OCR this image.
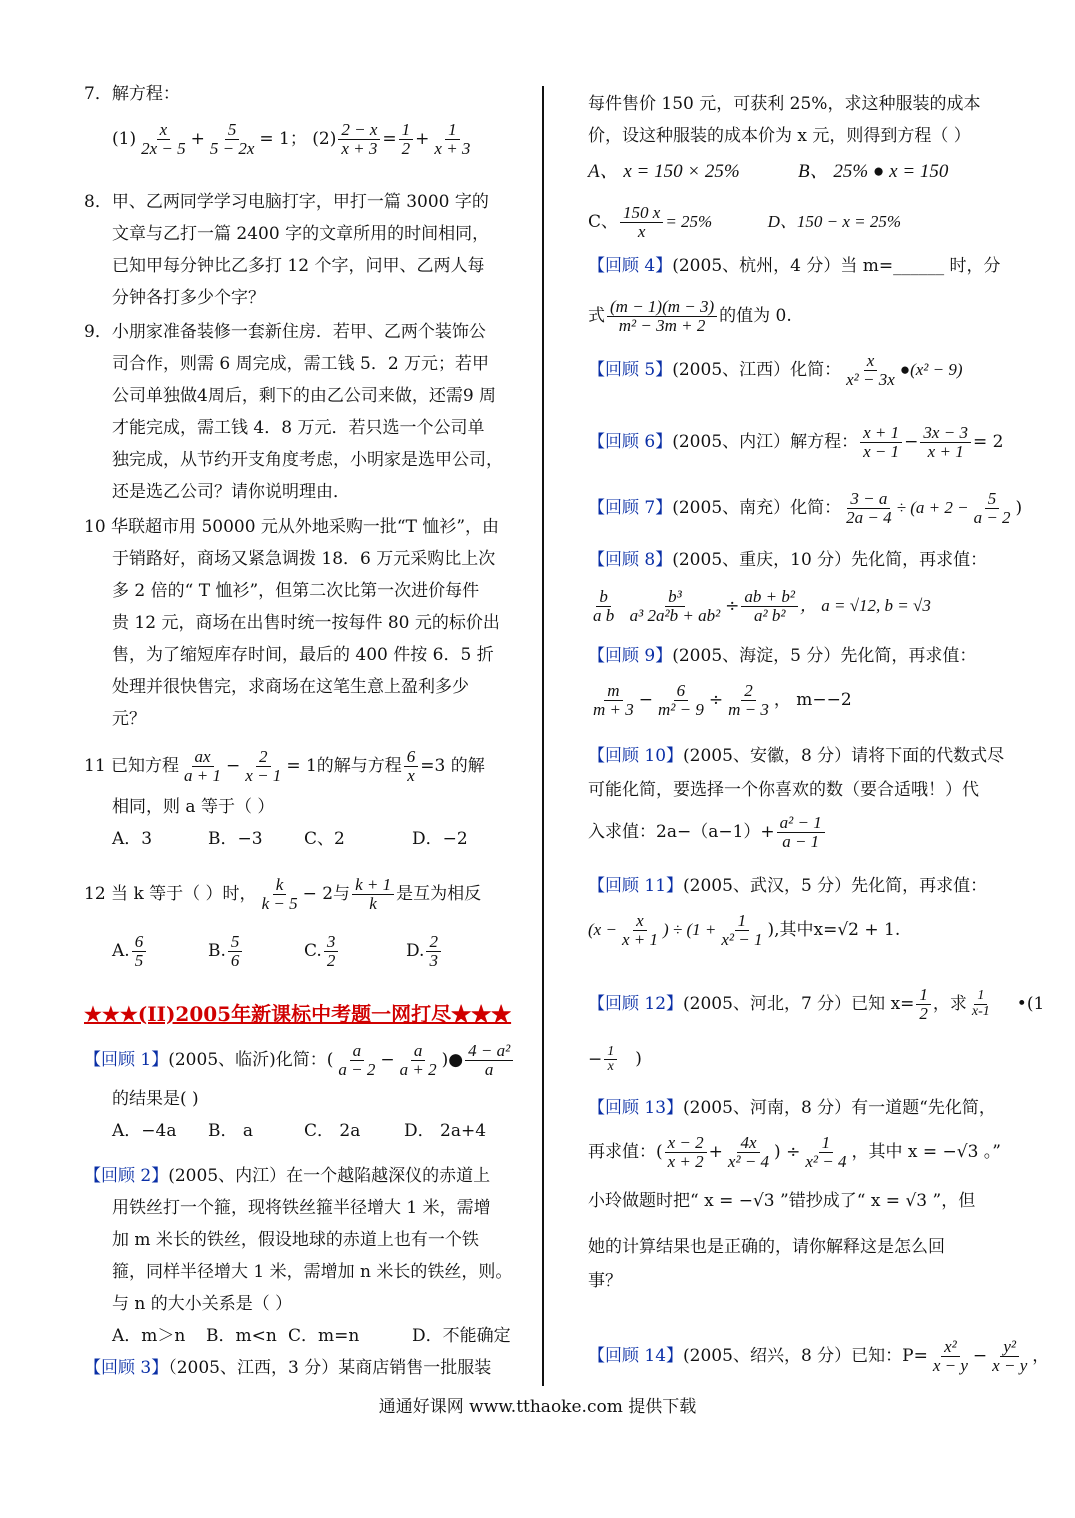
7．解方程：
$(1) \frac{x}{2x - 5} + \frac{5}{5 - 2x} = 1$； $(2) \frac{2 - x}{x + 3} = \frac{1}{2} + \frac{1}{x + 3}$
8．甲、乙两同学学习电脑打字，甲打一篇 3000 字的
文章与乙打一篇 2400 字的文章所用的时间相同，
已知甲每分钟比乙多打 12 个字，问甲、乙两人每
分钟各打多少个字？
9．小朋家准备装修一套新住房．若甲、乙两个装饰公
司合作，则需 6 周完成，需工钱 5．2 万元；若甲
公司单独做4周后，剩下的由乙公司来做，还需9 周
才能完成，需工钱 4．8 万元．若只选一个公司单
独完成，从节约开支角度考虑，小明家是选甲公司，
还是选乙公司？请你说明理由．
10 华联超市用 50000 元从外地采购一批“T 恤衫”，由
于销路好，商场又紧急调拨 18．6 万元采购比上次
多 2 倍的“ T 恤衫”，但第二次比第一次进价每件
贵 12 元，商场在出售时统一按每件 80 元的标价出
售，为了缩短库存时间，最后的 400 件按 6．5 折
处理并很快售完，求商场在这笔生意上盈利多少
元？
11 已知方程 $\frac{ax}{a + 1} - \frac{2}{x - 1} = 1$的解与方程 $\frac{6}{x} =3$ 的解
相同，则 a 等于（ ）
A．3	B．−3 C、2	D．−2
12 当 k 等于（ ）时， $\frac{k}{k - 5} - 2$与 $\frac{k + 1}{k}$ 是互为相反
A. $\frac{6}{5}$	B. $\frac{5}{6}$	C. $\frac{3}{2}$	D. $\frac{2}{3}$
★★★(II)2005年新课标中考题一网打尽★★★
【回顾 1】(2005、临沂)化简：( $\frac{a}{a - 2} - \frac{a}{a + 2}$ )● $\frac{\text{4 − a²}}{a}$
的结果是( )
A．−4a B． a	C． 2a	D． 2a+4
【回顾 2】(2005、内江）在一个越陷越深仪的赤道上
用铁丝打一个箍，现将铁丝箍半径增大 1 米，需增
加 m 米长的铁丝，假设地球的赤道上也有一个铁
箍，同样半径增大 1 米，需增加 n 米长的铁丝，则。
与 n 的大小关系是（ ）
A．m＞n B．m<n C．m=n	D．不能确定
【回顾 3】（2005、江西，3 分）某商店销售一批服装
每件售价 150 元，可获利 25%，求这种服装的成本
价，设这种服装的成本价为 x 元，则得到方程（ ）
A、 x = 150 × 25%	B、 25% ● x = 150
C、 $\frac{150 x}{x} = 25\%$	D、150 − x = 25%
【回顾 4】(2005、杭州，4 分）当 m=______ 时，分
式 $\frac{(m - 1)(m - 3)}{\text{m² − 3m + 2}}$ 的值为 0.
【回顾 5】(2005、江西）化简： $\frac{x}{\text{x² − 3x}}$ ●(x² − 9)
【回顾 6】(2005、内江）解方程： $\frac{x + 1}{x - 1} - \frac{3x - 3}{x + 1} = 2$
【回顾 7】(2005、南充）化简： $\frac{3 - a}{2a - 4} \div (a + 2 - \frac{5}{a - 2}$ )
【回顾 8】(2005、重庆，10 分）先化简，再求值：
$\frac{b}{\text{a b}}$
$\frac{\text{b³}}{\text{a³ 2a²b + ab²}} \div \frac{\text{ab + b²}}{\text{a² b²}}$ ， a = √12, b = √3
【回顾 9】(2005、海淀，5 分）先化简，再求值：
$\frac{m}{m + 3} - \frac{6}{\text{m² − 9}} \div \frac{2}{m - 3}$ ， m−−2
【回顾 10】(2005、安徽，8 分）请将下面的代数式尽
可能化简，要选择一个你喜欢的数（要合适哦！）代
入求值：$2a-(a-1)+ \frac{\text{a² − 1}}{a - 1}$
【回顾 11】(2005、武汉，5 分）先化简，再求值：
($x - \frac{x}{x + 1}$ ) ÷ ($1 + \frac{1}{\text{x² − 1}}$ ),其中x=√2 + 1.
【回顾 12】(2005、河北，7 分）已知 $x= \frac{1}{2}$ ，求 $\frac{1}{x-1}$ •(1
− $\frac{1}{x}$ )
【回顾 13】(2005、河南，8 分）有一道题“先化简，
再求值：( $\frac{x - 2}{x + 2} + \frac{4x}{\text{x² − 4}}$ ) ÷ $\frac{1}{\text{x² − 4}}$ ，其中 x = −√3 。”
小玲做题时把“ x = −√3 ”错抄成了“ x = √3 ”，但
她的计算结果也是正确的，请你解释这是怎么回
事？
【回顾 14】(2005、绍兴，8 分）已知：$P= \frac{\text{x²}}{x - y} - \frac{\text{y²}}{x - y}$ ，
通通好课网 www.tthaoke.com 提供下载
